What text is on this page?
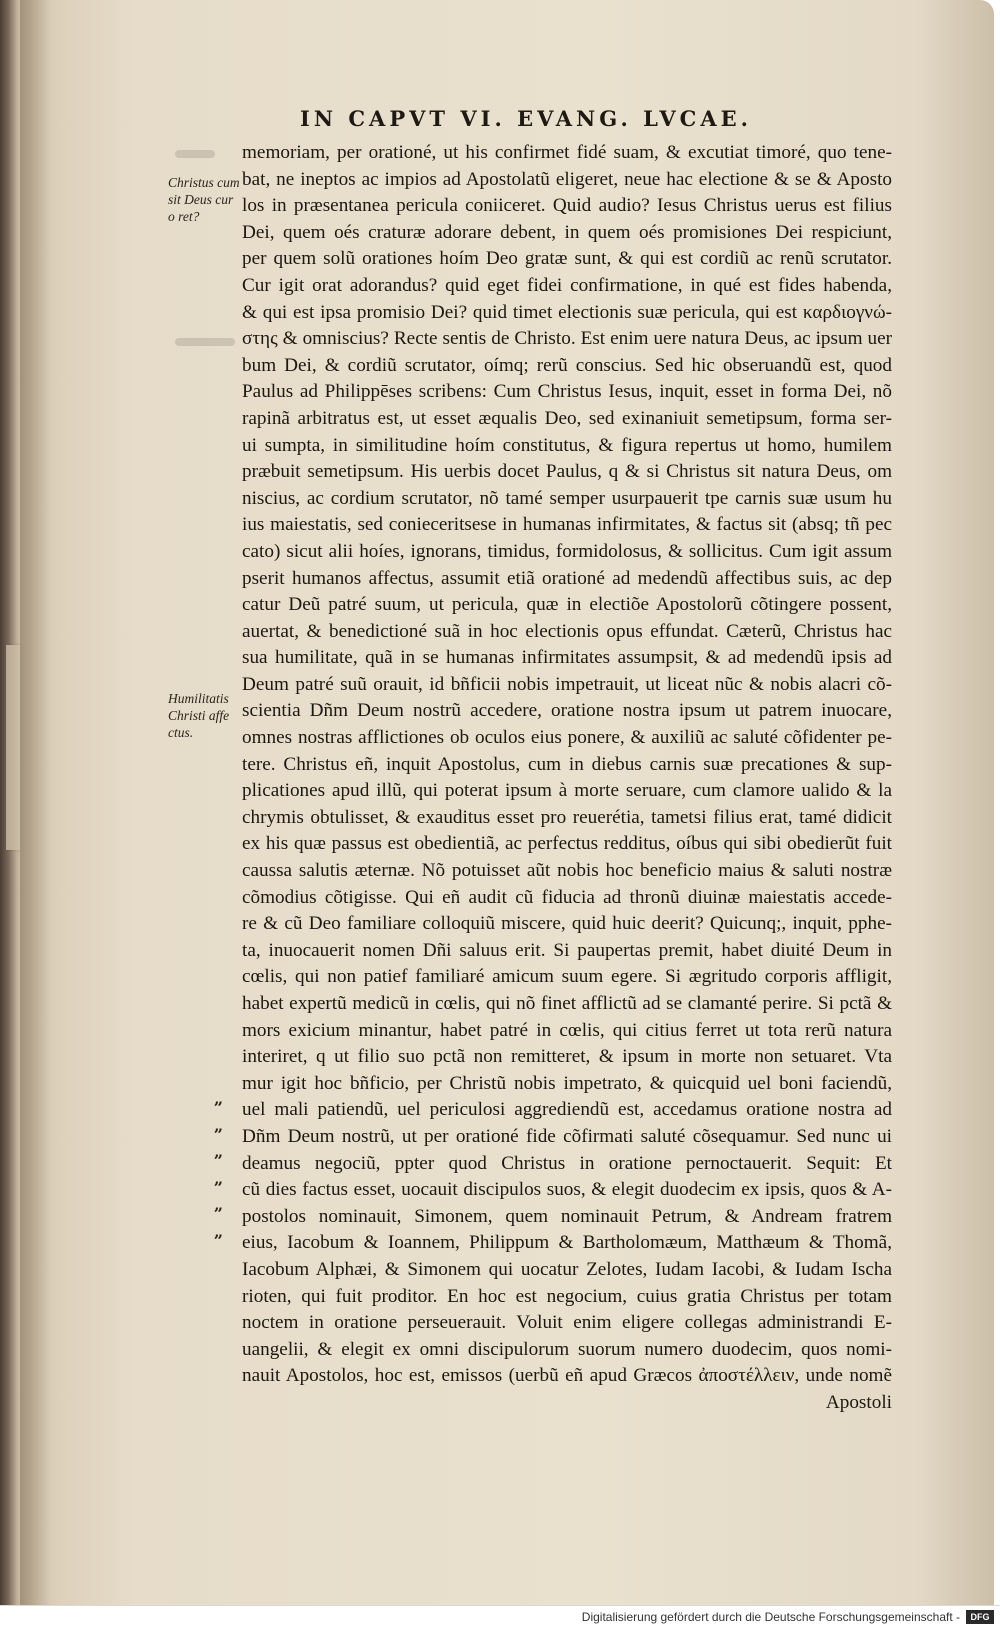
IN CAPVT VI. EVANG. LVCAE.
Christus cum sit Deus cur o ret?
Humilitatis Christi affe ctus.
„
„
„
„
„
„
memoriam, per orationé, ut his confirmet fidé suam, & excutiat timoré, quo tene-
bat, ne ineptos ac impios ad Apostolatũ eligeret, neue hac electione & se & Aposto
los in præsentanea pericula coniiceret. Quid audio? Iesus Christus uerus est filius
Dei, quem oés craturæ adorare debent, in quem oés promisiones Dei respiciunt,
per quem solũ orationes hoím Deo gratæ sunt, & qui est cordiũ ac renũ scrutator.
Cur igit orat adorandus? quid eget fidei confirmatione, in qué est fides habenda,
& qui est ipsa promisio Dei? quid timet electionis suæ pericula, qui est καρδιογνώ-
στης & omniscius? Recte sentis de Christo. Est enim uere natura Deus, ac ipsum uer
bum Dei, & cordiũ scrutator, oímq; rerũ conscius. Sed hic obseruandũ est, quod
Paulus ad Philippēses scribens: Cum Christus Iesus, inquit, esset in forma Dei, nõ
rapinã arbitratus est, ut esset æqualis Deo, sed exinaniuit semetipsum, forma ser-
ui sumpta, in similitudine hoím constitutus, & figura repertus ut homo, humilem
præbuit semetipsum. His uerbis docet Paulus, q & si Christus sit natura Deus, om
niscius, ac cordium scrutator, nõ tamé semper usurpauerit tpe carnis suæ usum hu
ius maiestatis, sed conieceritsese in humanas infirmitates, & factus sit (absq; tñ pec
cato) sicut alii hoíes, ignorans, timidus, formidolosus, & sollicitus. Cum igit assum
pserit humanos affectus, assumit etiã orationé ad medendũ affectibus suis, ac dep
catur Deũ patré suum, ut pericula, quæ in electiõe Apostolorũ cõtingere possent,
auertat, & benedictioné suã in hoc electionis opus effundat. Cæterũ, Christus hac
sua humilitate, quã in se humanas infirmitates assumpsit, & ad medendũ ipsis ad
Deum patré suũ orauit, id bñficii nobis impetrauit, ut liceat nũc & nobis alacri cõ-
scientia Dñm Deum nostrũ accedere, oratione nostra ipsum ut patrem inuocare,
omnes nostras afflictiones ob oculos eius ponere, & auxiliũ ac saluté cõfidenter pe-
tere. Christus eñ, inquit Apostolus, cum in diebus carnis suæ precationes & sup-
plicationes apud illũ, qui poterat ipsum à morte seruare, cum clamore ualido & la
chrymis obtulisset, & exauditus esset pro reuerétia, tametsi filius erat, tamé didicit
ex his quæ passus est obedientiã, ac perfectus redditus, oíbus qui sibi obedierũt fuit
caussa salutis æternæ. Nõ potuisset aũt nobis hoc beneficio maius & saluti nostræ
cõmodius cõtigisse. Qui eñ audit cũ fiducia ad thronũ diuinæ maiestatis accede-
re & cũ Deo familiare colloquiũ miscere, quid huic deerit? Quicunq;, inquit, pphe-
ta, inuocauerit nomen Dñi saluus erit. Si paupertas premit, habet diuité Deum in
cœlis, qui non patief familiaré amicum suum egere. Si ægritudo corporis affligit,
habet expertũ medicũ in cœlis, qui nõ finet afflictũ ad se clamanté perire. Si pctã &
mors exicium minantur, habet patré in cœlis, qui citius ferret ut tota rerũ natura
interiret, q ut filio suo pctã non remitteret, & ipsum in morte non setuaret. Vta
mur igit hoc bñficio, per Christũ nobis impetrato, & quicquid uel boni faciendũ,
uel mali patiendũ, uel periculosi aggrediendũ est, accedamus oratione nostra ad
Dñm Deum nostrũ, ut per orationé fide cõfirmati saluté cõsequamur. Sed nunc ui
deamus negociũ, ppter quod Christus in oratione pernoctauerit. Sequit: Et
cũ dies factus esset, uocauit discipulos suos, & elegit duodecim ex ipsis, quos & A-
postolos nominauit, Simonem, quem nominauit Petrum, & Andream fratrem
eius, Iacobum & Ioannem, Philippum & Bartholomæum, Matthæum & Thomã,
Iacobum Alphæi, & Simonem qui uocatur Zelotes, Iudam Iacobi, & Iudam Ischa
rioten, qui fuit proditor. En hoc est negocium, cuius gratia Christus per totam
noctem in oratione perseuerauit. Voluit enim eligere collegas administrandi E-
uangelii, & elegit ex omni discipulorum suorum numero duodecim, quos nomi-
nauit Apostolos, hoc est, emissos (uerbũ eñ apud Græcos ἀποστέλλειν, unde nomẽ
Apostoli
Digitalisierung gefördert durch die Deutsche Forschungsgemeinschaft -	DFG
